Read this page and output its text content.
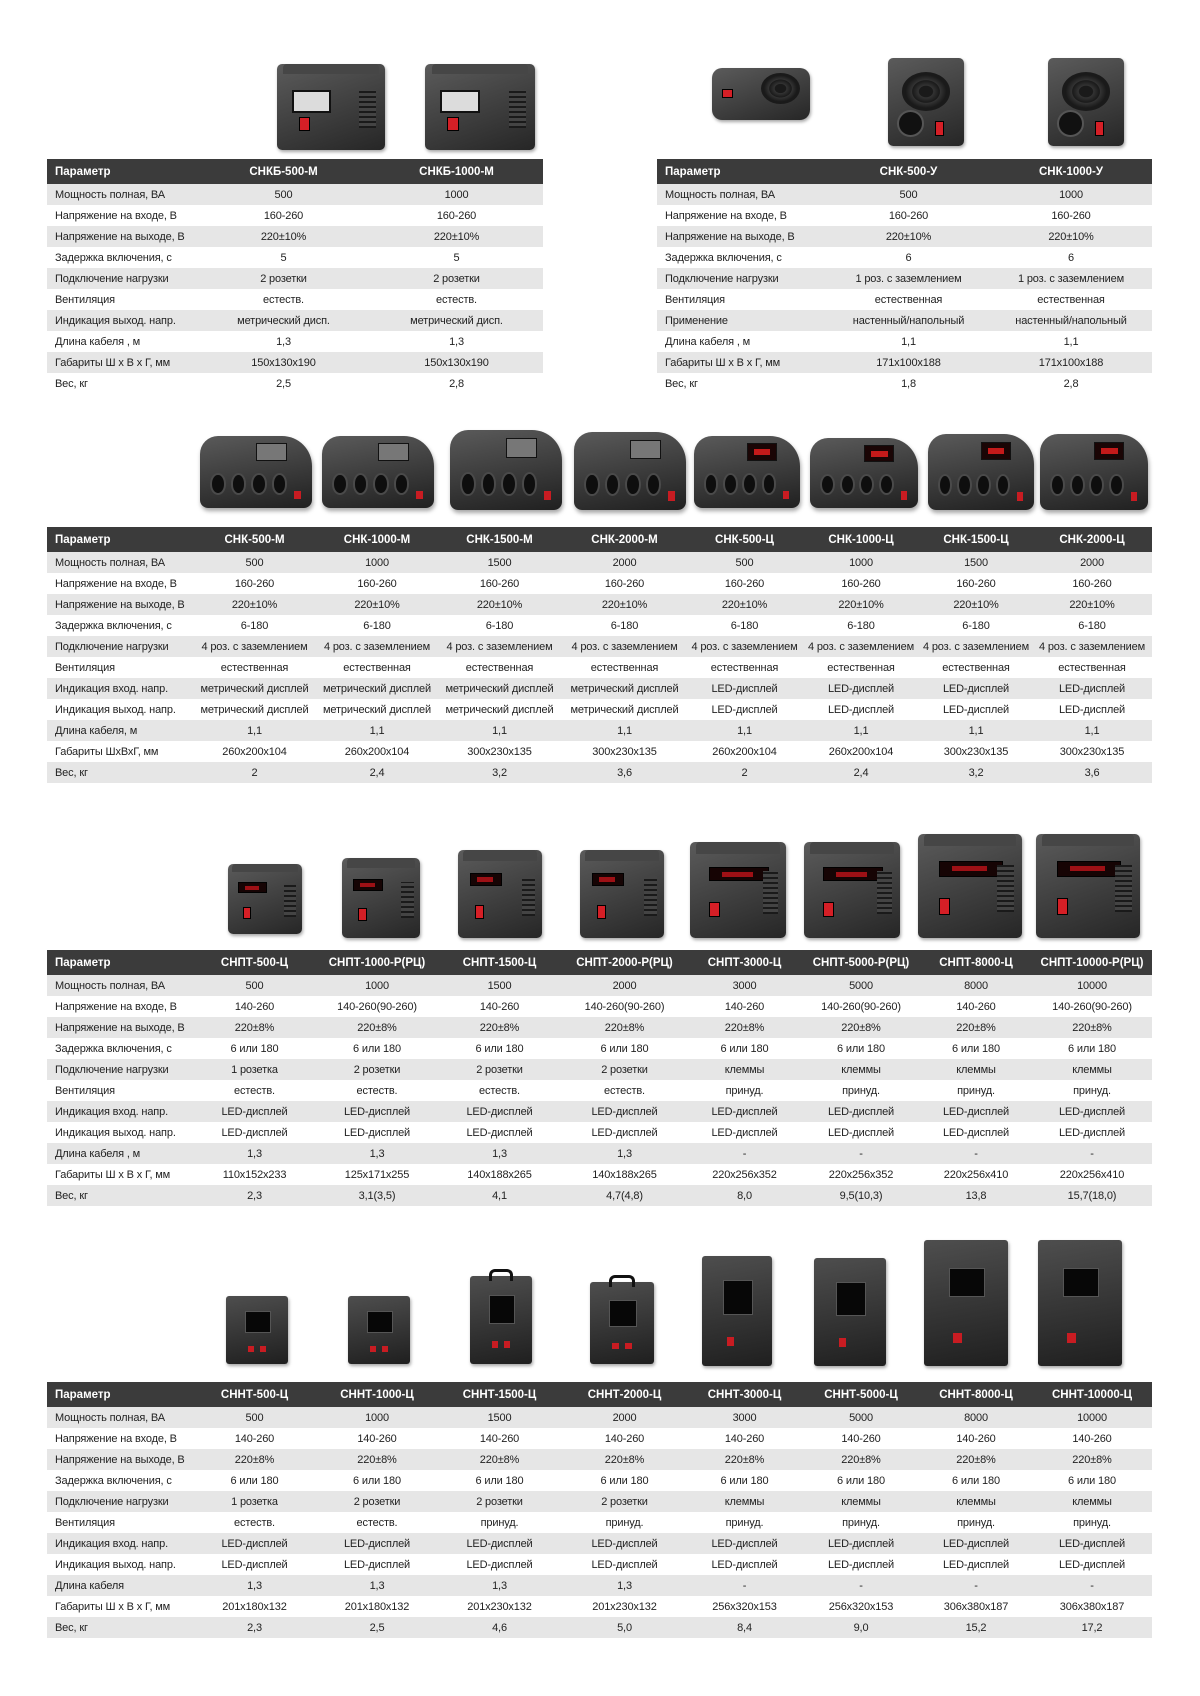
Параметр	СНКБ-500-М	СНКБ-1000-М
Мощность полная, ВА	500	1000
Напряжение на входе, В	160-260	160-260
Напряжение на выходе, В	220±10%	220±10%
Задержка включения, с	5	5
Подключение нагрузки	2 розетки	2 розетки
Вентиляция	естеств.	естеств.
Индикация выход. напр.	метрический дисп.	метрический дисп.
Длина кабеля , м	1,3	1,3
Габариты Ш х В х Г, мм	150x130x190	150x130x190
Вес, кг	2,5	2,8
Параметр	СНК-500-У	СНК-1000-У
Мощность полная, ВА	500	1000
Напряжение на входе, В	160-260	160-260
Напряжение на выходе, В	220±10%	220±10%
Задержка включения, с	6	6
Подключение нагрузки	1 роз. с заземлением	1 роз. с заземлением
Вентиляция	естественная	естественная
Применение	настенный/напольный	настенный/напольный
Длина кабеля , м	1,1	1,1
Габариты Ш х В х Г, мм	171x100x188	171x100x188
Вес, кг	1,8	2,8
Параметр	СНК-500-М	СНК-1000-М	СНК-1500-М	СНК-2000-М	СНК-500-Ц	СНК-1000-Ц	СНК-1500-Ц	СНК-2000-Ц
Мощность полная, ВА	500	1000	1500	2000	500	1000	1500	2000
Напряжение на входе, В	160-260	160-260	160-260	160-260	160-260	160-260	160-260	160-260
Напряжение на выходе, В	220±10%	220±10%	220±10%	220±10%	220±10%	220±10%	220±10%	220±10%
Задержка включения, с	6-180	6-180	6-180	6-180	6-180	6-180	6-180	6-180
Подключение нагрузки	4 роз. с заземлением	4 роз. с заземлением	4 роз. с заземлением	4 роз. с заземлением	4 роз. с заземлением	4 роз. с заземлением	4 роз. с заземлением	4 роз. с заземлением
Вентиляция	естественная	естественная	естественная	естественная	естественная	естественная	естественная	естественная
Индикация вход. напр.	метрический дисплей	метрический дисплей	метрический дисплей	метрический дисплей	LED-дисплей	LED-дисплей	LED-дисплей	LED-дисплей
Индикация выход. напр.	метрический дисплей	метрический дисплей	метрический дисплей	метрический дисплей	LED-дисплей	LED-дисплей	LED-дисплей	LED-дисплей
Длина кабеля, м	1,1	1,1	1,1	1,1	1,1	1,1	1,1	1,1
Габариты ШхВхГ, мм	260x200x104	260x200x104	300x230x135	300x230x135	260x200x104	260x200x104	300x230x135	300x230x135
Вес, кг	2	2,4	3,2	3,6	2	2,4	3,2	3,6
Параметр	СНПТ-500-Ц	СНПТ-1000-Р(РЦ)	СНПТ-1500-Ц	СНПТ-2000-Р(РЦ)	СНПТ-3000-Ц	СНПТ-5000-Р(РЦ)	СНПТ-8000-Ц	СНПТ-10000-Р(РЦ)
Мощность полная, ВА	500	1000	1500	2000	3000	5000	8000	10000
Напряжение на входе, В	140-260	140-260(90-260)	140-260	140-260(90-260)	140-260	140-260(90-260)	140-260	140-260(90-260)
Напряжение на выходе, В	220±8%	220±8%	220±8%	220±8%	220±8%	220±8%	220±8%	220±8%
Задержка включения, с	6 или 180	6 или 180	6 или 180	6 или 180	6 или 180	6 или 180	6 или 180	6 или 180
Подключение нагрузки	1 розетка	2 розетки	2 розетки	2 розетки	клеммы	клеммы	клеммы	клеммы
Вентиляция	естеств.	естеств.	естеств.	естеств.	принуд.	принуд.	принуд.	принуд.
Индикация вход. напр.	LED-дисплей	LED-дисплей	LED-дисплей	LED-дисплей	LED-дисплей	LED-дисплей	LED-дисплей	LED-дисплей
Индикация выход. напр.	LED-дисплей	LED-дисплей	LED-дисплей	LED-дисплей	LED-дисплей	LED-дисплей	LED-дисплей	LED-дисплей
Длина кабеля , м	1,3	1,3	1,3	1,3	-	-	-	-
Габариты Ш х В х Г, мм	110x152x233	125x171x255	140x188x265	140x188x265	220x256x352	220x256x352	220x256x410	220x256x410
Вес, кг	2,3	3,1(3,5)	4,1	4,7(4,8)	8,0	9,5(10,3)	13,8	15,7(18,0)
Параметр	СННТ-500-Ц	СННТ-1000-Ц	СННТ-1500-Ц	СННТ-2000-Ц	СННТ-3000-Ц	СННТ-5000-Ц	СННТ-8000-Ц	СННТ-10000-Ц
Мощность полная, ВА	500	1000	1500	2000	3000	5000	8000	10000
Напряжение на входе, В	140-260	140-260	140-260	140-260	140-260	140-260	140-260	140-260
Напряжение на выходе, В	220±8%	220±8%	220±8%	220±8%	220±8%	220±8%	220±8%	220±8%
Задержка включения, с	6 или 180	6 или 180	6 или 180	6 или 180	6 или 180	6 или 180	6 или 180	6 или 180
Подключение нагрузки	1 розетка	2 розетки	2 розетки	2 розетки	клеммы	клеммы	клеммы	клеммы
Вентиляция	естеств.	естеств.	принуд.	принуд.	принуд.	принуд.	принуд.	принуд.
Индикация вход. напр.	LED-дисплей	LED-дисплей	LED-дисплей	LED-дисплей	LED-дисплей	LED-дисплей	LED-дисплей	LED-дисплей
Индикация выход. напр.	LED-дисплей	LED-дисплей	LED-дисплей	LED-дисплей	LED-дисплей	LED-дисплей	LED-дисплей	LED-дисплей
Длина кабеля	1,3	1,3	1,3	1,3	-	-	-	-
Габариты Ш х В х Г, мм	201x180x132	201x180x132	201x230x132	201x230x132	256x320x153	256x320x153	306x380x187	306x380x187
Вес, кг	2,3	2,5	4,6	5,0	8,4	9,0	15,2	17,2
